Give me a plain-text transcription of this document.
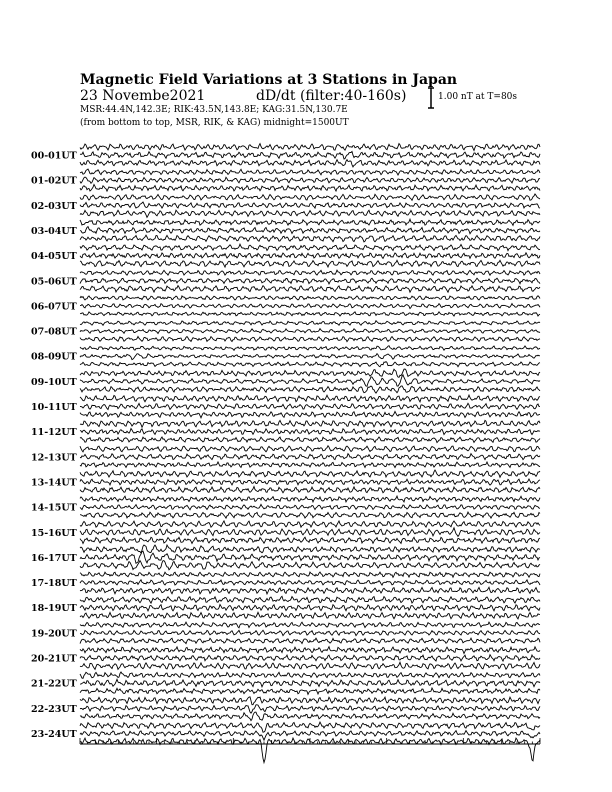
Magnetic Field Variations at 3 Stations in Japan
23 Novembe2021	dD/dt (filter:40-160s)
MSR:44.4N,142.3E; RIK:43.5N,143.8E; KAG:31.5N,130.7E
(from bottom to top, MSR, RIK, & KAG) midnight=1500UT
1.00 nT at T=80s
00-01UT
01-02UT
02-03UT
03-04UT
04-05UT
05-06UT
06-07UT
07-08UT
08-09UT
09-10UT
10-11UT
11-12UT
12-13UT
13-14UT
14-15UT
15-16UT
16-17UT
17-18UT
18-19UT
19-20UT
20-21UT
21-22UT
22-23UT
23-24UT
